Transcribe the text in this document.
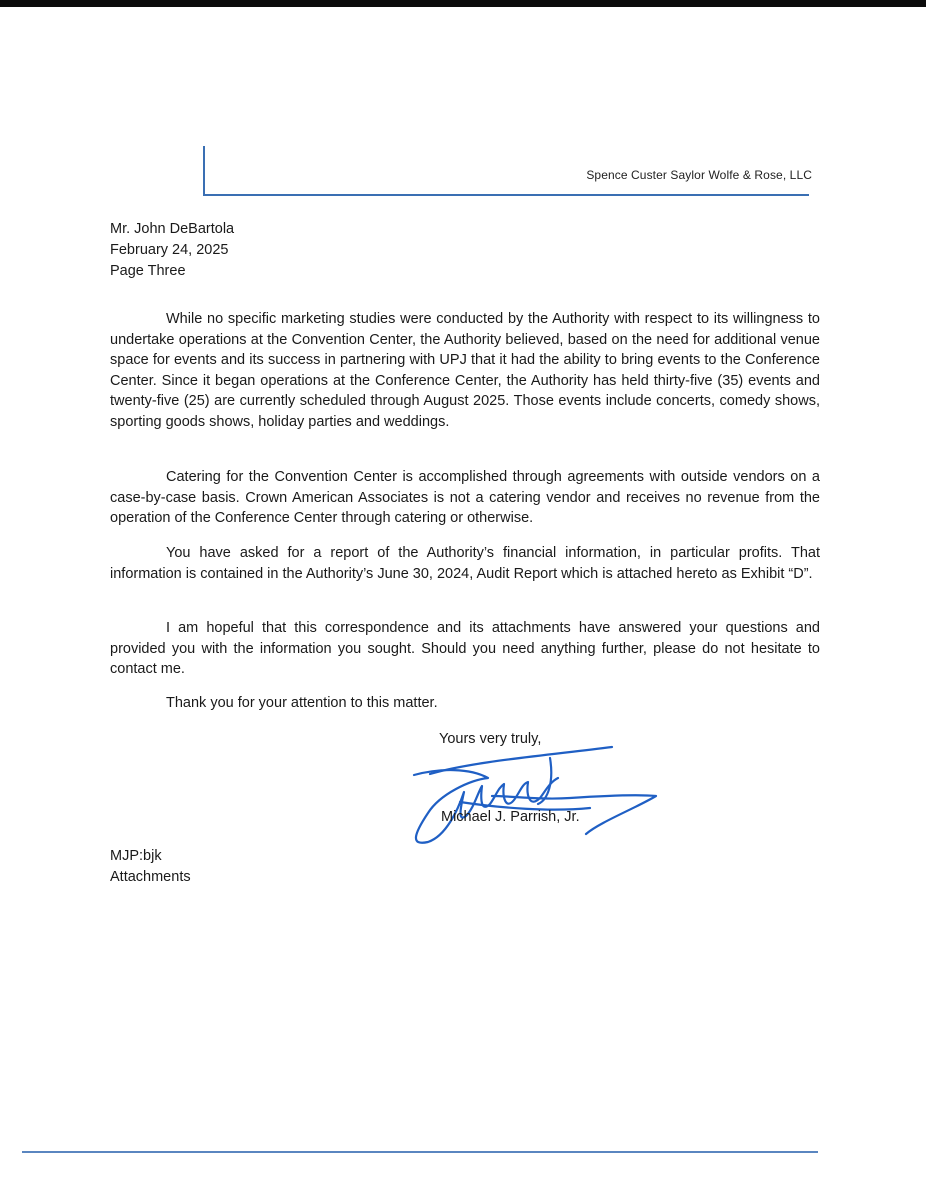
Spence Custer Saylor Wolfe & Rose, LLC
Mr. John DeBartola
February 24, 2025
Page Three

While no specific marketing studies were conducted by the Authority with respect to its willingness to undertake operations at the Convention Center, the Authority believed, based on the need for additional venue space for events and its success in partnering with UPJ that it had the ability to bring events to the Conference Center. Since it began operations at the Conference Center, the Authority has held thirty-five (35) events and twenty-five (25) are currently scheduled through August 2025. Those events include concerts, comedy shows, sporting goods shows, holiday parties and weddings.

Catering for the Convention Center is accomplished through agreements with outside vendors on a case-by-case basis. Crown American Associates is not a catering vendor and receives no revenue from the operation of the Conference Center through catering or otherwise.

You have asked for a report of the Authority’s financial information, in particular profits. That information is contained in the Authority’s June 30, 2024, Audit Report which is attached hereto as Exhibit “D”.

I am hopeful that this correspondence and its attachments have answered your questions and provided you with the information you sought. Should you need anything further, please do not hesitate to contact me.

Thank you for your attention to this matter.

Yours very truly,
Michael J. Parrish, Jr.
MJP:bjk
Attachments
